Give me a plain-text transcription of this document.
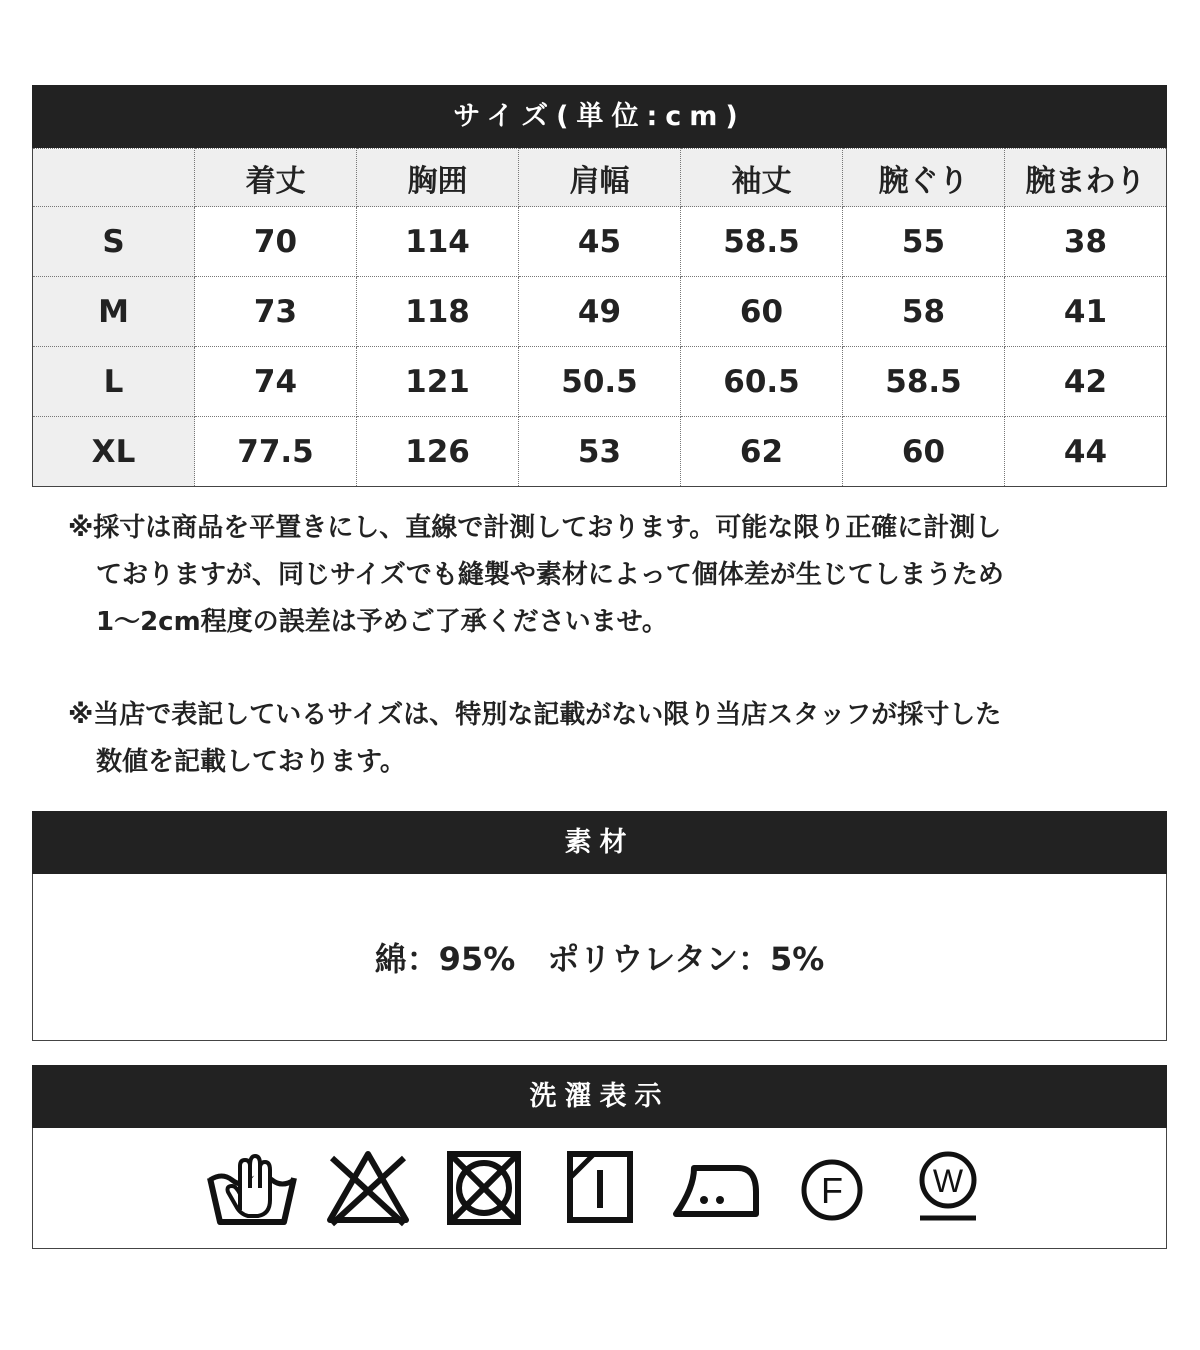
サイズ(単位:cm)
	着丈	胸囲	肩幅	袖丈	腕ぐり	腕まわり
S	70	114	45	58.5	55	38
M	73	118	49	60	58	41
L	74	121	50.5	60.5	58.5	42
XL	77.5	126	53	62	60	44
※採寸は商品を平置きにし、直線で計測しております。可能な限り正確に計測し
ておりますが、同じサイズでも縫製や素材によって個体差が生じてしまうため
1〜2cm程度の誤差は予めご了承くださいませ。
※当店で表記しているサイズは、特別な記載がない限り当店スタッフが採寸した
数値を記載しております。
素材
綿：95% ポリウレタン：5%
洗濯表示
F	W
